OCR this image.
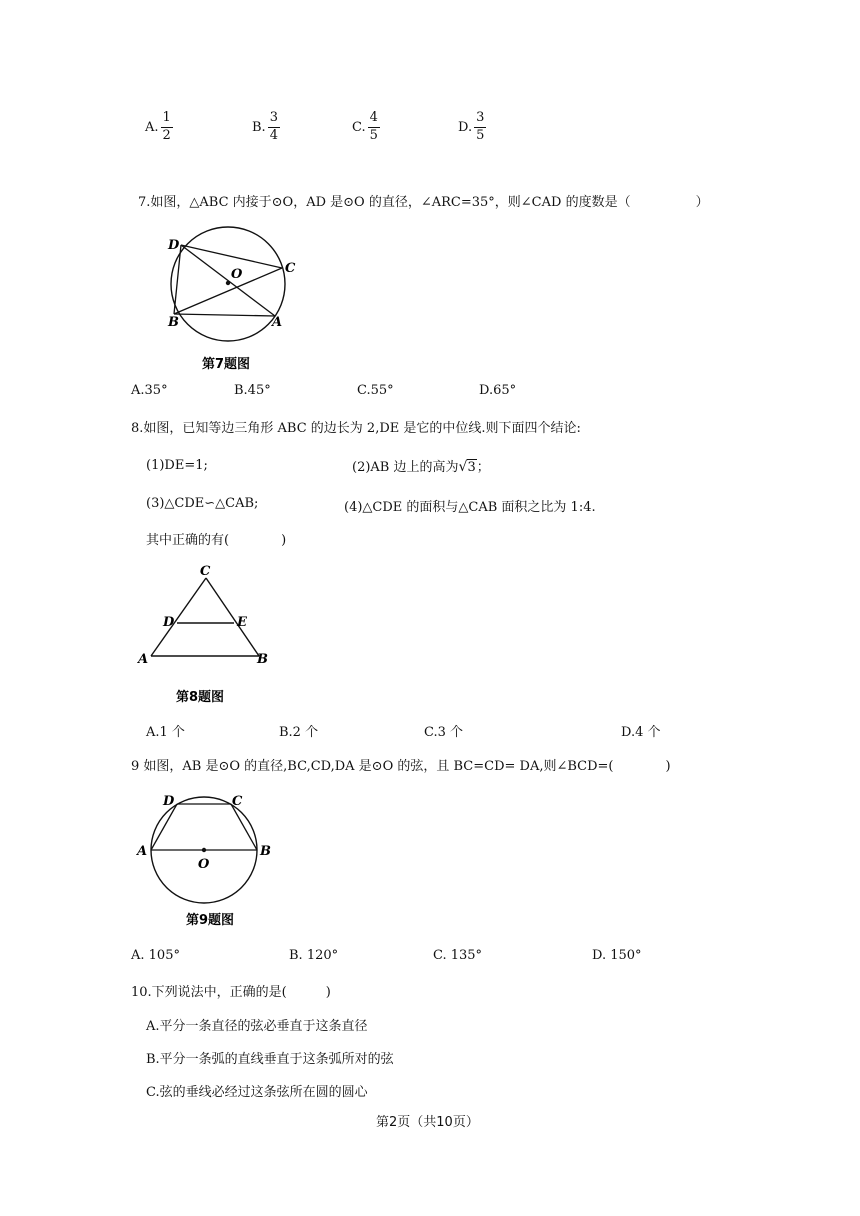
A. $\frac{1}{2}$	B. $\frac{3}{4}$	C. $\frac{4}{5}$	D. $\frac{3}{5}$
7.如图，△ABC 内接于⊙O，AD 是⊙O 的直径，∠ARC=35°，则∠CAD 的度数是（　　　　　）
D
O	C
B	A
第7题图
A.35°	B.45°	C.55°	D.65°
8.如图，已知等边三角形 ABC 的边长为 2,DE 是它的中位线.则下面四个结论:
(1)DE=1;	(2)AB 边上的高为 √ 3；
(3)△CDE∽△CAB;	(4)△CDE 的面积与△CAB 面积之比为 1:4.
其中正确的有(　　　　)
C
D	E
A	B
第8题图
A.1 个	B.2 个	C.3 个	D.4 个
9 如图，AB 是⊙O 的直径,BC,CD,DA 是⊙O 的弦，且 BC=CD= DA,则∠BCD=(　　　　)
D	C
A
O
B
第9题图
A. 105°	B. 120°	C. 135°	D. 150°
10.下列说法中，正确的是(　　　)
A.平分一条直径的弦必垂直于这条直径
B.平分一条弧的直线垂直于这条弧所对的弦
C.弦的垂线必经过这条弦所在圆的圆心
第2页（共10页）
